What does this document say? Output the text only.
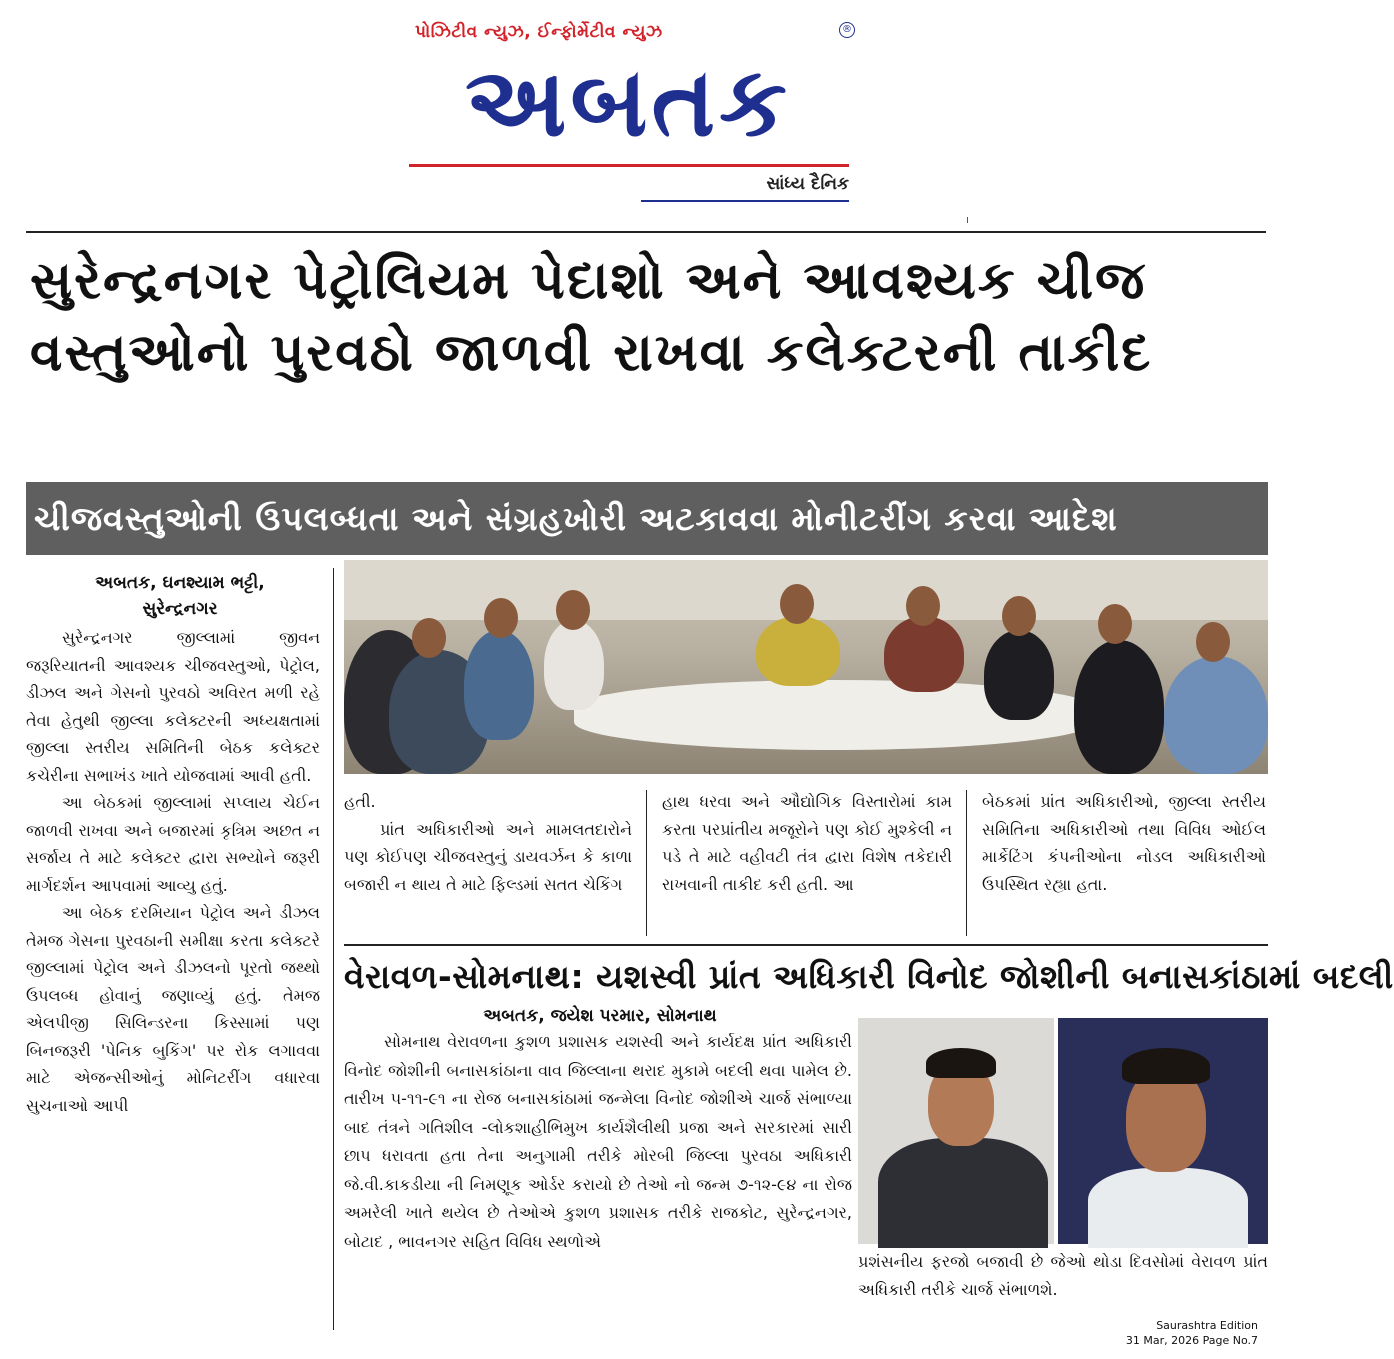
પોઝિટીવ ન્યુઝ, ઈન્ફોર્મેટીવ ન્યુઝ	®
અબતક
સાંધ્ય દૈનિક
સુરેન્દ્રનગર પેટ્રોલિયમ પેદાશો અને આવશ્યક ચીજ
વસ્તુઓનો પુરવઠો જાળવી રાખવા કલેક્ટરની તાકીદ
ચીજવસ્તુઓની ઉપલબ્ધતા અને સંગ્રહખોરી અટકાવવા મોનીટરીંગ કરવા આદેશ
અબતક, ઘનશ્યામ ભટ્ટી,
સુરેન્દ્રનગર

સુરેન્દ્રનગર જીલ્લામાં જીવન જરૂરિયાતની આવશ્યક ચીજવસ્તુઓ, પેટ્રોલ, ડીઝલ અને ગેસનો પુરવઠો અવિરત મળી રહે તેવા હેતુથી જીલ્લા કલેક્ટરની અધ્યક્ષતામાં જીલ્લા સ્તરીય સમિતિની બેઠક કલેક્ટર કચેરીના સભાખંડ ખાતે યોજવામાં આવી હતી.

આ બેઠકમાં જીલ્લામાં સપ્લાય ચેઈન જાળવી રાખવા અને બજારમાં કૃત્રિમ અછત ન સર્જાય તે માટે કલેક્ટર દ્વારા સભ્યોને જરૂરી માર્ગદર્શન આપવામાં આવ્યુ હતું.

આ બેઠક દરમિયાન પેટ્રોલ અને ડીઝલ તેમજ ગેસના પુરવઠાની સમીક્ષા કરતા કલેક્ટરે જીલ્લામાં પેટ્રોલ અને ડીઝલનો પૂરતો જથ્થો ઉપલબ્ધ હોવાનું જણાવ્યું હતું. તેમજ એલપીજી સિલિન્ડરના કિસ્સામાં પણ બિનજરૂરી 'પેનિક બુકિંગ' પર રોક લગાવવા માટે એજન્સીઓનું મોનિટરીંગ વધારવા સુચનાઓ આપી

હતી.

પ્રાંત અધિકારીઓ અને મામલતદારોને પણ કોઈપણ ચીજવસ્તુનું ડાયવર્ઝન કે કાળા બજારી ન થાય તે માટે ફિલ્ડમાં સતત ચેકિંગ

હાથ ધરવા અને ઔદ્યોગિક વિસ્તારોમાં કામ કરતા પરપ્રાંતીય મજૂરોને પણ કોઈ મુશ્કેલી ન પડે તે માટે વહીવટી તંત્ર દ્વારા વિશેષ તકેદારી રાખવાની તાકીદ કરી હતી. આ
બેઠકમાં પ્રાંત અધિકારીઓ, જીલ્લા સ્તરીય સમિતિના અધિકારીઓ તથા વિવિધ ઓઈલ માર્કેટિંગ કંપનીઓના નોડલ અધિકારીઓ ઉપસ્થિત રહ્યા હતા.
વેરાવળ-સોમનાથ: યશસ્વી પ્રાંત અધિકારી વિનોદ જોશીની બનાસકાંઠામાં બદલી
અબતક, જયેશ પરમાર, સોમનાથ

સોમનાથ વેરાવળના કુશળ પ્રશાસક યશસ્વી અને કાર્યદક્ષ પ્રાંત અધિકારી વિનોદ જોશીની બનાસકાંઠાના વાવ જિલ્લાના થરાદ મુકામે બદલી થવા પામેલ છે. તારીખ ૫-૧૧-૯૧ ના રોજ બનાસકાંઠામાં જન્મેલા વિનોદ જોશીએ ચાર્જ સંભાળ્યા બાદ તંત્રને ગતિશીલ -લોકશાહીભિમુખ કાર્યશૈલીથી પ્રજા અને સરકારમાં સારી છાપ ધરાવતા હતા તેના અનુગામી તરીકે મોરબી જિલ્લા પુરવઠા અધિકારી જે.વી.કાકડીયા ની નિમણૂક ઓર્ડર કરાયો છે તેઓ નો જન્મ ૭-૧૨-૯૪ ના રોજ અમરેલી ખાતે થયેલ છે તેઓએ કુશળ પ્રશાસક તરીકે રાજકોટ, સુરેન્દ્રનગર, બોટાદ , ભાવનગર સહિત વિવિધ સ્થળોએ

પ્રશંસનીય ફરજો બજાવી છે જેઓ થોડા દિવસોમાં વેરાવળ પ્રાંત અધિકારી તરીકે ચાર્જ સંભાળશે.
Saurashtra Edition
31 Mar, 2026 Page No.7
